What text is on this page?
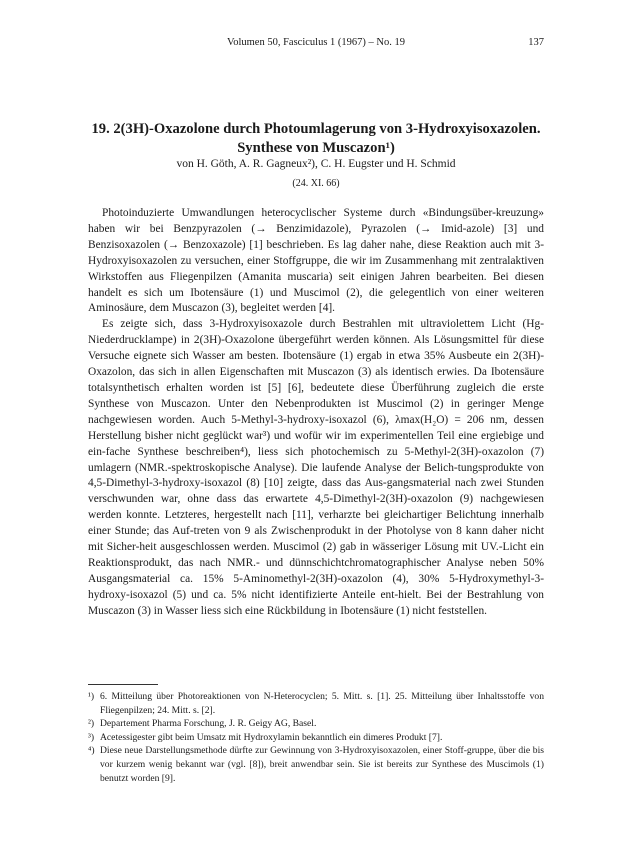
Volumen 50, Fasciculus 1 (1967) – No. 19	137
19. 2(3H)-Oxazolone durch Photoumlagerung von 3-Hydroxyisoxazolen.
Synthese von Muscazon¹)
von H. Göth, A. R. Gagneux²), C. H. Eugster und H. Schmid
(24. XI. 66)

Photoinduzierte Umwandlungen heterocyclischer Systeme durch «Bindungsüber-kreuzung» haben wir bei Benzpyrazolen (→ Benzimidazole), Pyrazolen (→ Imid-azole) [3] und Benzisoxazolen (→ Benzoxazole) [1] beschrieben. Es lag daher nahe, diese Reaktion auch mit 3-Hydroxyisoxazolen zu versuchen, einer Stoffgruppe, die wir im Zusammenhang mit zentralaktiven Wirkstoffen aus Fliegenpilzen (Amanita muscaria) seit einigen Jahren bearbeiten. Bei diesen handelt es sich um Ibotensäure (1) und Muscimol (2), die gelegentlich von einer weiteren Aminosäure, dem Muscazon (3), begleitet werden [4].

Es zeigte sich, dass 3-Hydroxyisoxazole durch Bestrahlen mit ultraviolettem Licht (Hg-Niederdrucklampe) in 2(3H)-Oxazolone übergeführt werden können. Als Lösungsmittel für diese Versuche eignete sich Wasser am besten. Ibotensäure (1) ergab in etwa 35% Ausbeute ein 2(3H)-Oxazolon, das sich in allen Eigenschaften mit Muscazon (3) als identisch erwies. Da Ibotensäure totalsynthetisch erhalten worden ist [5] [6], bedeutete diese Überführung zugleich die erste Synthese von Muscazon. Unter den Nebenprodukten ist Muscimol (2) in geringer Menge nachgewiesen worden. Auch 5-Methyl-3-hydroxy-isoxazol (6), λmax(H₂O) = 206 nm, dessen Herstellung bisher nicht geglückt war³) und wofür wir im experimentellen Teil eine ergiebige und ein-fache Synthese beschreiben⁴), liess sich photochemisch zu 5-Methyl-2(3H)-oxazolon (7) umlagern (NMR.-spektroskopische Analyse). Die laufende Analyse der Belich-tungsprodukte von 4,5-Dimethyl-3-hydroxy-isoxazol (8) [10] zeigte, dass das Aus-gangsmaterial nach zwei Stunden verschwunden war, ohne dass das erwartete 4,5-Dimethyl-2(3H)-oxazolon (9) nachgewiesen werden konnte. Letzteres, hergestellt nach [11], verharzte bei gleichartiger Belichtung innerhalb einer Stunde; das Auf-treten von 9 als Zwischenprodukt in der Photolyse von 8 kann daher nicht mit Sicher-heit ausgeschlossen werden. Muscimol (2) gab in wässeriger Lösung mit UV.-Licht ein Reaktionsprodukt, das nach NMR.- und dünnschichtchromatographischer Analyse neben 50% Ausgangsmaterial ca. 15% 5-Aminomethyl-2(3H)-oxazolon (4), 30% 5-Hydroxymethyl-3-hydroxy-isoxazol (5) und ca. 5% nicht identifizierte Anteile ent-hielt. Bei der Bestrahlung von Muscazon (3) in Wasser liess sich eine Rückbildung in Ibotensäure (1) nicht feststellen.

¹) 6. Mitteilung über Photoreaktionen von N-Heterocyclen; 5. Mitt. s. [1]. 25. Mitteilung über Inhaltsstoffe von Fliegenpilzen; 24. Mitt. s. [2].
²) Departement Pharma Forschung, J. R. Geigy AG, Basel.
³) Acetessigester gibt beim Umsatz mit Hydroxylamin bekanntlich ein dimeres Produkt [7].
⁴) Diese neue Darstellungsmethode dürfte zur Gewinnung von 3-Hydroxyisoxazolen, einer Stoff-gruppe, über die bis vor kurzem wenig bekannt war (vgl. [8]), breit anwendbar sein. Sie ist bereits zur Synthese des Muscimols (1) benutzt worden [9].
